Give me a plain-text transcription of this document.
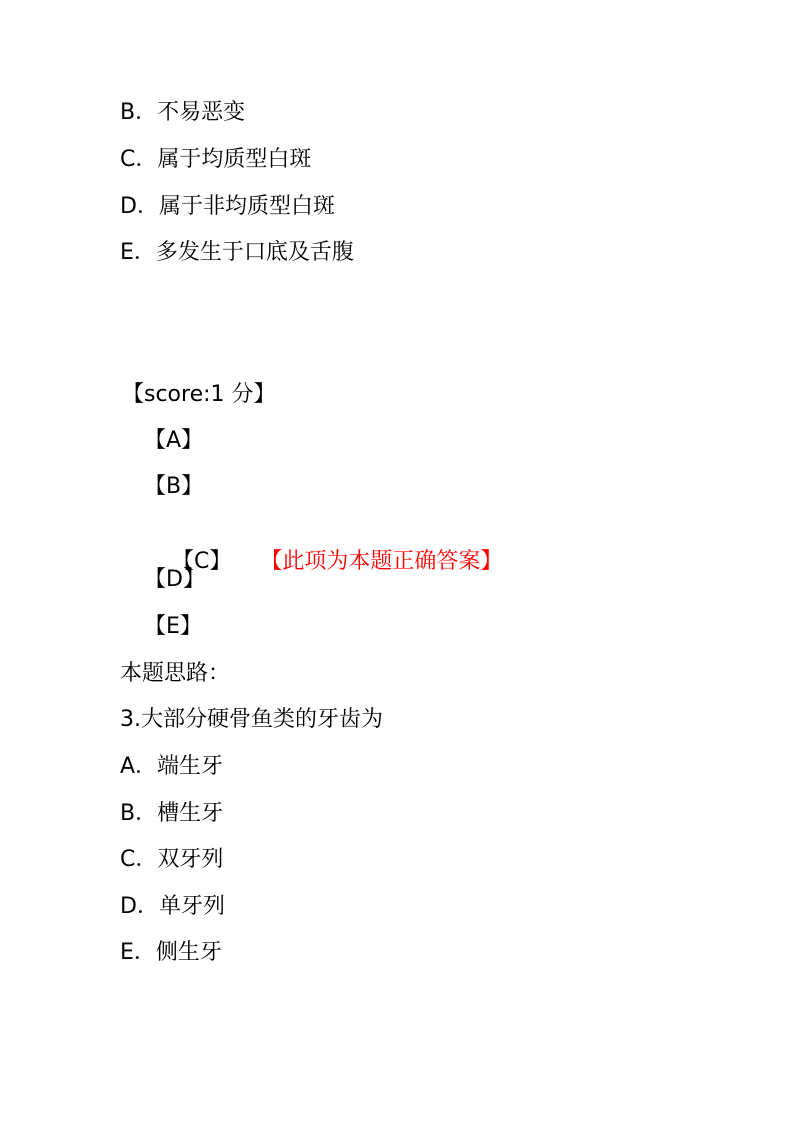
B．不易恶变
C．属于均质型白斑
D．属于非均质型白斑
E．多发生于口底及舌腹
【score:1 分】
【A】
【B】

【C】 【此项为本题正确答案】

【D】
【E】
本题思路：
3.大部分硬骨鱼类的牙齿为
A．端生牙
B．槽生牙
C．双牙列
D．单牙列
E．侧生牙
